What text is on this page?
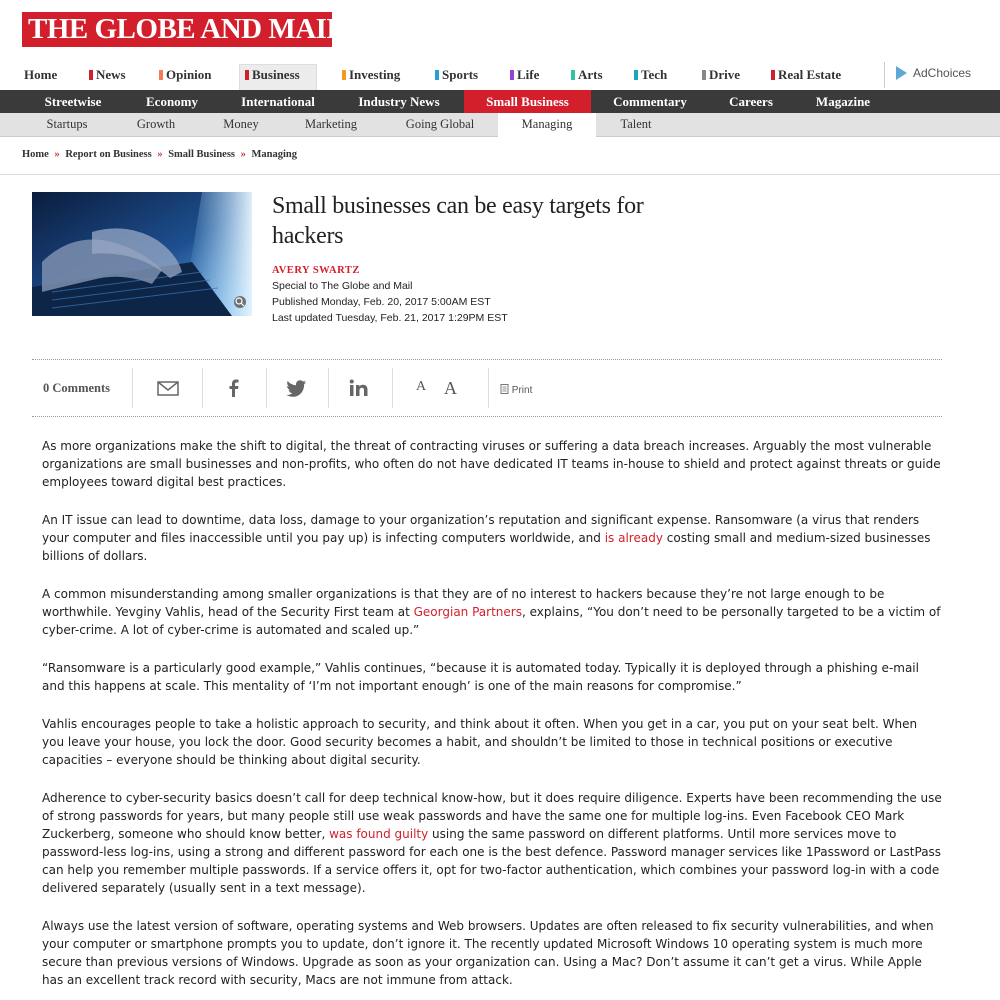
THE GLOBE AND MAIL
Home	News	Opinion	Business	Investing	Sports	Life	Arts	Tech	Drive	Real Estate	AdChoices
Streetwise	Economy	International	Industry News	Small Business	Commentary	Careers	Magazine
Startups	Growth	Money	Marketing	Going Global	Managing	Talent
Home » Report on Business » Small Business » Managing
Small businesses can be easy targets for hackers
AVERY SWARTZ
Special to The Globe and Mail
Published Monday, Feb. 20, 2017 5:00AM EST
Last updated Tuesday, Feb. 21, 2017 1:29PM EST
0 Comments	A A	Print

As more organizations make the shift to digital, the threat of contracting viruses or suffering a data breach increases. Arguably the most vulnerable organizations are small businesses and non-profits, who often do not have dedicated IT teams in-house to shield and protect against threats or guide employees toward digital best practices.

An IT issue can lead to downtime, data loss, damage to your organization’s reputation and significant expense. Ransomware (a virus that renders your computer and files inaccessible until you pay up) is infecting computers worldwide, and is already costing small and medium-sized businesses billions of dollars.

A common misunderstanding among smaller organizations is that they are of no interest to hackers because they’re not large enough to be worthwhile. Yevginy Vahlis, head of the Security First team at Georgian Partners, explains, “You don’t need to be personally targeted to be a victim of cyber-crime. A lot of cyber-crime is automated and scaled up.”

“Ransomware is a particularly good example,” Vahlis continues, “because it is automated today. Typically it is deployed through a phishing e-mail and this happens at scale. This mentality of ‘I’m not important enough’ is one of the main reasons for compromise.”

Vahlis encourages people to take a holistic approach to security, and think about it often. When you get in a car, you put on your seat belt. When you leave your house, you lock the door. Good security becomes a habit, and shouldn’t be limited to those in technical positions or executive capacities – everyone should be thinking about digital security.

Adherence to cyber-security basics doesn’t call for deep technical know-how, but it does require diligence. Experts have been recommending the use of strong passwords for years, but many people still use weak passwords and have the same one for multiple log-ins. Even Facebook CEO Mark Zuckerberg, someone who should know better, was found guilty using the same password on different platforms. Until more services move to password-less log-ins, using a strong and different password for each one is the best defence. Password manager services like 1Password or LastPass can help you remember multiple passwords. If a service offers it, opt for two-factor authentication, which combines your password log-in with a code delivered separately (usually sent in a text message).

Always use the latest version of software, operating systems and Web browsers. Updates are often released to fix security vulnerabilities, and when your computer or smartphone prompts you to update, don’t ignore it. The recently updated Microsoft Windows 10 operating system is much more secure than previous versions of Windows. Upgrade as soon as your organization can. Using a Mac? Don’t assume it can’t get a virus. While Apple has an excellent track record with security, Macs are not immune from attack.
